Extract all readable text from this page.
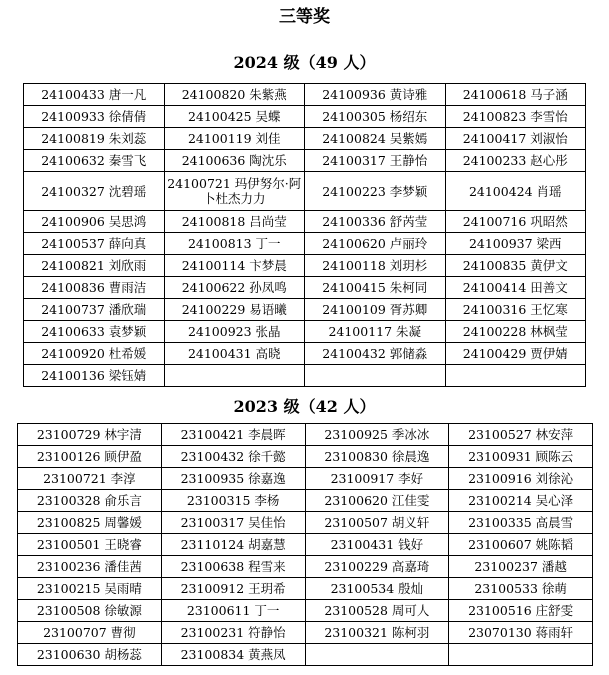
三等奖
2024 级（49 人）
24100433 唐一凡	24100820 朱紫燕	24100936 黄诗雅	24100618 马子涵
24100933 徐倩倩	24100425 吴蝶	24100305 杨绍东	24100823 李雪怡
24100819 朱刘蕊	24100119 刘佳	24100824 吴紫嫣	24100417 刘淑怡
24100632 秦雪飞	24100636 陶沈乐	24100317 王静怡	24100233 赵心彤
24100327 沈碧瑶	24100721 玛伊努尔·阿卜杜杰力力	24100223 李梦颖	24100424 肖瑶
24100906 吴思鸿	24100818 吕尚莹	24100336 舒芮莹	24100716 巩昭然
24100537 薛向真	24100813 丁一	24100620 卢丽玲	24100937 梁西
24100821 刘欣雨	24100114 卞梦晨	24100118 刘玥杉	24100835 黄伊文
24100836 曹雨洁	24100622 孙凤鸣	24100415 朱柯同	24100414 田善文
24100737 潘欣瑞	24100229 易语曦	24100109 胥苏卿	24100316 王忆寒
24100633 袁梦颖	24100923 张晶	24100117 朱凝	24100228 林枫莹
24100920 杜希媛	24100431 高晓	24100432 郭储淼	24100429 贾伊婧
24100136 梁钰婧			
2023 级（42 人）
23100729 林宇清	23100421 李晨晖	23100925 季冰冰	23100527 林安萍
23100126 顾伊盈	23100432 徐千懿	23100830 徐晨逸	23100931 顾陈云
23100721 李淳	23100935 徐嘉逸	23100917 李好	23100916 刘徐沁
23100328 俞乐言	23100315 李杨	23100620 江佳雯	23100214 吴心泽
23100825 周馨媛	23100317 吴佳怡	23100507 胡义轩	23100335 高晨雪
23100501 王晓睿	23110124 胡嘉慧	23100431 钱好	23100607 姚陈韬
23100236 潘佳茜	23100638 程雪来	23100229 高嘉琦	23100237 潘越
23100215 吴雨晴	23100912 王玥希	23100534 殷灿	23100533 徐萌
23100508 徐敏源	23100611 丁一	23100528 周可人	23100516 庄舒雯
23100707 曹彻	23100231 符静怡	23100321 陈柯羽	23070130 蒋雨轩
23100630 胡杨蕊	23100834 黄燕凤		
